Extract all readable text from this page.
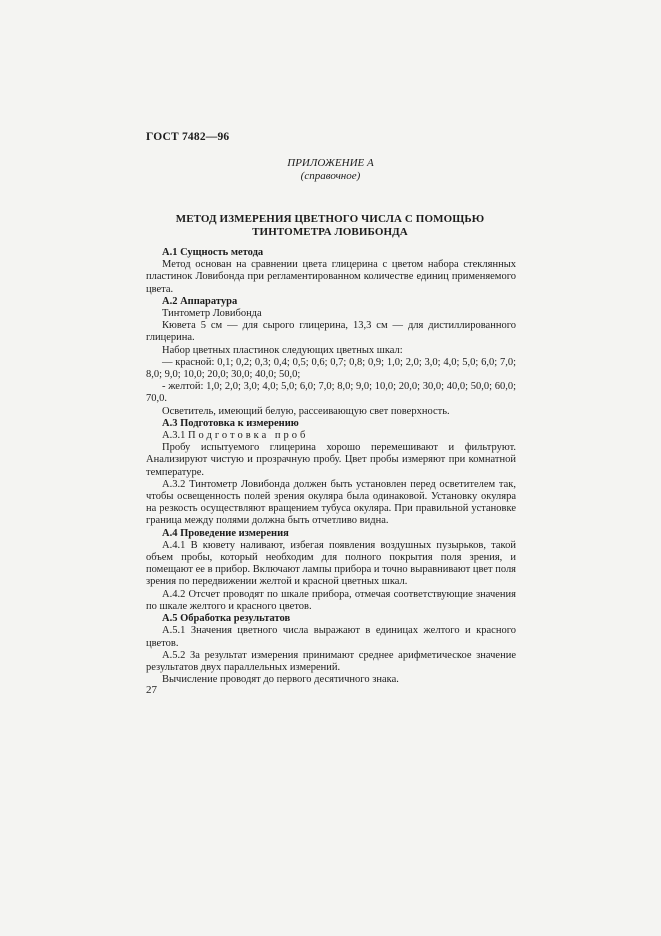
ГОСТ 7482—96
ПРИЛОЖЕНИЕ А
(справочное)
МЕТОД ИЗМЕРЕНИЯ ЦВЕТНОГО ЧИСЛА С ПОМОЩЬЮ
ТИНТОМЕТРА ЛОВИБОНДА

А.1 Сущность метода

Метод основан на сравнении цвета глицерина с цветом набора стеклянных пластинок Ловибонда при регламентированном количестве единиц применяемого цвета.

А.2 Аппаратура

Тинтометр Ловибонда

Кювета 5 см — для сырого глицерина, 13,3 см — для дистиллированного глицерина.

Набор цветных пластинок следующих цветных шкал:

— красной: 0,1; 0,2; 0,3; 0,4; 0,5; 0,6; 0,7; 0,8; 0,9; 1,0; 2,0; 3,0; 4,0; 5,0; 6,0; 7,0; 8,0; 9,0; 10,0; 20,0; 30,0; 40,0; 50,0;

- желтой: 1,0; 2,0; 3,0; 4,0; 5,0; 6,0; 7,0; 8,0; 9,0; 10,0; 20,0; 30,0; 40,0; 50,0; 60,0; 70,0.

Осветитель, имеющий белую, рассеивающую свет поверхность.

А.3 Подготовка к измерению

А.3.1 Подготовка проб

Пробу испытуемого глицерина хорошо перемешивают и фильтруют. Анализируют чистую и прозрачную пробу. Цвет пробы измеряют при комнатной температуре.

А.3.2 Тинтометр Ловибонда должен быть установлен перед осветителем так, чтобы освещенность полей зрения окуляра была одинаковой. Установку окуляра на резкость осуществляют вращением тубуса окуляра. При правильной установке граница между полями должна быть отчетливо видна.

А.4 Проведение измерения

А.4.1 В кювету наливают, избегая появления воздушных пузырьков, такой объем пробы, который необходим для полного покрытия поля зрения, и помещают ее в прибор. Включают лампы прибора и точно выравнивают цвет поля зрения по передвижении желтой и красной цветных шкал.

А.4.2 Отсчет проводят по шкале прибора, отмечая соответствующие значения по шкале желтого и красного цветов.

А.5 Обработка результатов

А.5.1 Значения цветного числа выражают в единицах желтого и красного цветов.

А.5.2 За результат измерения принимают среднее арифметическое значение результатов двух параллельных измерений.

Вычисление проводят до первого десятичного знака.

27
